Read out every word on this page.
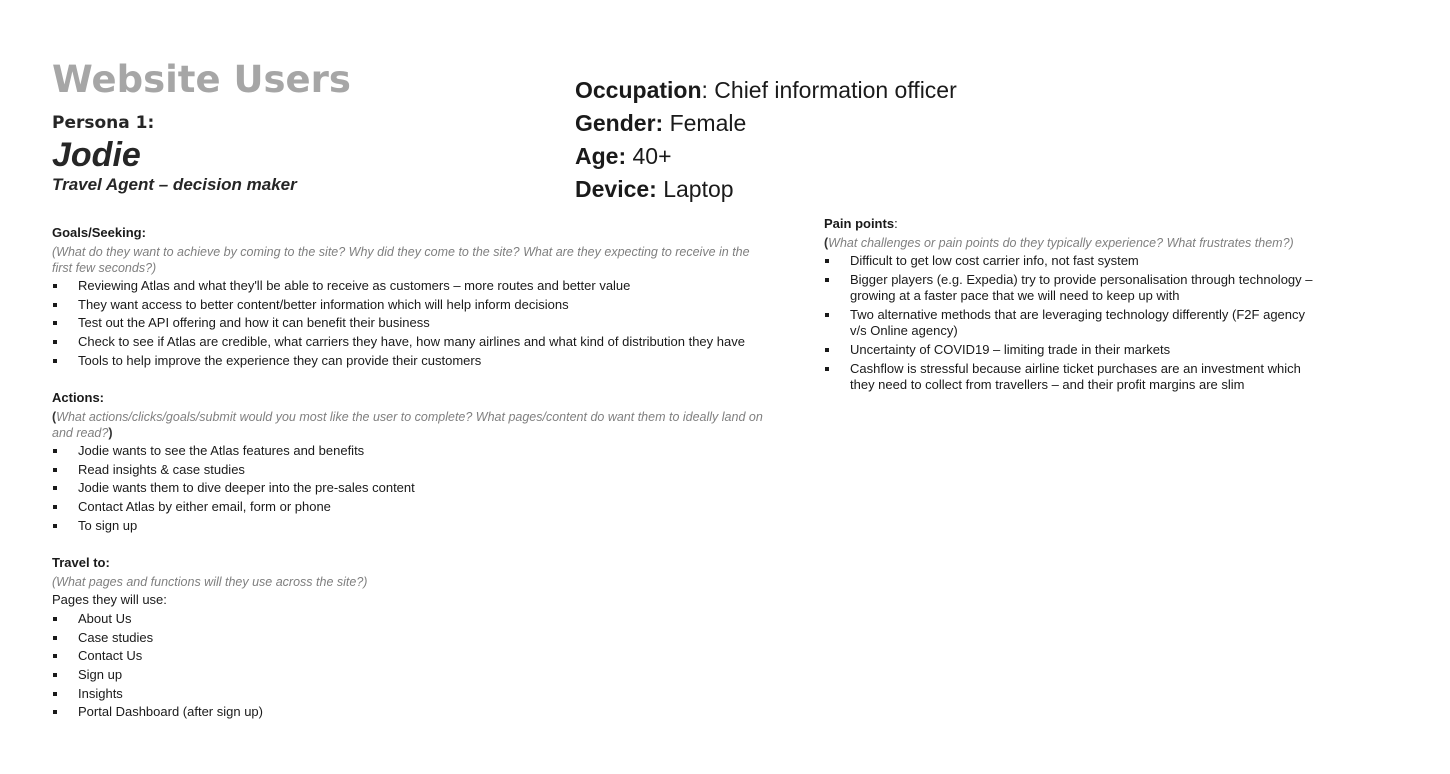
Website Users
Persona 1:
Jodie
Travel Agent – decision maker
Occupation: Chief information officer
Gender: Female
Age: 40+
Device: Laptop
Goals/Seeking:
(What do they want to achieve by coming to the site? Why did they come to the site? What are they expecting to receive in the first few seconds?)
Reviewing Atlas and what they'll be able to receive as customers – more routes and better value
They want access to better content/better information which will help inform decisions
Test out the API offering and how it can benefit their business
Check to see if Atlas are credible, what carriers they have, how many airlines and what kind of distribution they have
Tools to help improve the experience they can provide their customers
Actions:
(What actions/clicks/goals/submit would you most like the user to complete? What pages/content do want them to ideally land on and read?)
Jodie wants to see the Atlas features and benefits
Read insights & case studies
Jodie wants them to dive deeper into the pre-sales content
Contact Atlas by either email, form or phone
To sign up
Travel to:
(What pages and functions will they use across the site?)
Pages they will use:
About Us
Case studies
Contact Us
Sign up
Insights
Portal Dashboard (after sign up)
Pain points:
(What challenges or pain points do they typically experience? What frustrates them?)
Difficult to get low cost carrier info, not fast system
Bigger players (e.g. Expedia) try to provide personalisation through technology – growing at a faster pace that we will need to keep up with
Two alternative methods that are leveraging technology differently (F2F agency v/s Online agency)
Uncertainty of COVID19 – limiting trade in their markets
Cashflow is stressful because airline ticket purchases are an investment which they need to collect from travellers – and their profit margins are slim
